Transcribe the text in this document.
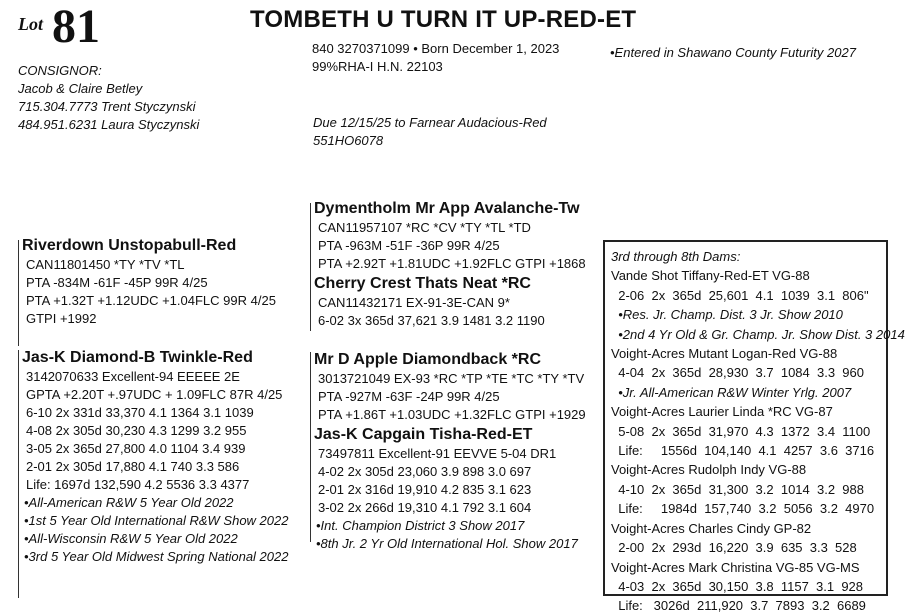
Lot 81	TOMBETH U TURN IT UP-RED-ET
840 3270371099 • Born December 1, 2023
99%RHA-I H.N. 22103
•Entered in Shawano County Futurity 2027
CONSIGNOR:
Jacob & Claire Betley
715.304.7773 Trent Styczynski
484.951.6231 Laura Styczynski	Due 12/15/25 to Farnear Audacious-Red
551HO6078
Riverdown Unstopabull-Red
CAN11801450 *TY *TV *TL
PTA -834M -61F -45P 99R 4/25
PTA +1.32T +1.12UDC +1.04FLC 99R 4/25
GTPI +1992
Dymentholm Mr App Avalanche-Tw
CAN11957107 *RC *CV *TY *TL *TD
PTA -963M -51F -36P 99R 4/25
PTA +2.92T +1.81UDC +1.92FLC GTPI +1868
Cherry Crest Thats Neat *RC
CAN11432171 EX-91-3E-CAN 9*
6-02 3x 365d 37,621 3.9 1481 3.2 1190
Jas-K Diamond-B Twinkle-Red
3142070633 Excellent-94 EEEEE 2E
GPTA +2.20T +.97UDC + 1.09FLC 87R 4/25
6-10 2x 331d 33,370 4.1 1364 3.1 1039
4-08 2x 305d 30,230 4.3 1299 3.2 955
3-05 2x 365d 27,800 4.0 1104 3.4 939
2-01 2x 305d 17,880 4.1 740 3.3 586
Life: 1697d 132,590 4.2 5536 3.3 4377
•All-American R&W 5 Year Old 2022
•1st 5 Year Old International R&W Show 2022
•All-Wisconsin R&W 5 Year Old 2022
•3rd 5 Year Old Midwest Spring National 2022
Mr D Apple Diamondback *RC
3013721049 EX-93 *RC *TP *TE *TC *TY *TV
PTA -927M -63F -24P 99R 4/25
PTA +1.86T +1.03UDC +1.32FLC GTPI +1929
Jas-K Capgain Tisha-Red-ET
73497811 Excellent-91 EEVVE 5-04 DR1
4-02 2x 305d 23,060 3.9 898 3.0 697
2-01 2x 316d 19,910 4.2 835 3.1 623
3-02 2x 266d 19,310 4.1 792 3.1 604
•Int. Champion District 3 Show 2017
•8th Jr. 2 Yr Old International Hol. Show 2017
3rd through 8th Dams:
Vande Shot Tiffany-Red-ET VG-88
2-06  2x  365d  25,601  4.1  1039  3.1  806"
•Res. Jr. Champ. Dist. 3 Jr. Show 2010
•2nd 4 Yr Old & Gr. Champ. Jr. Show Dist. 3 2014
Voight-Acres Mutant Logan-Red VG-88
4-04  2x  365d  28,930  3.7  1084  3.3  960
•Jr. All-American R&W Winter Yrlg. 2007
Voight-Acres Laurier Linda *RC VG-87
5-08  2x  365d  31,970  4.3  1372  3.4  1100
Life:     1556d  104,140  4.1  4257  3.6  3716
Voight-Acres Rudolph Indy VG-88
4-10  2x  365d  31,300  3.2  1014  3.2  988
Life:     1984d  157,740  3.2  5056  3.2  4970
Voight-Acres Charles Cindy GP-82
2-00  2x  293d  16,220  3.9  635  3.3  528
Voight-Acres Mark Christina VG-85 VG-MS
4-03  2x  365d  30,150  3.8  1157  3.1  928
Life:   3026d  211,920  3.7  7893  3.2  6689
